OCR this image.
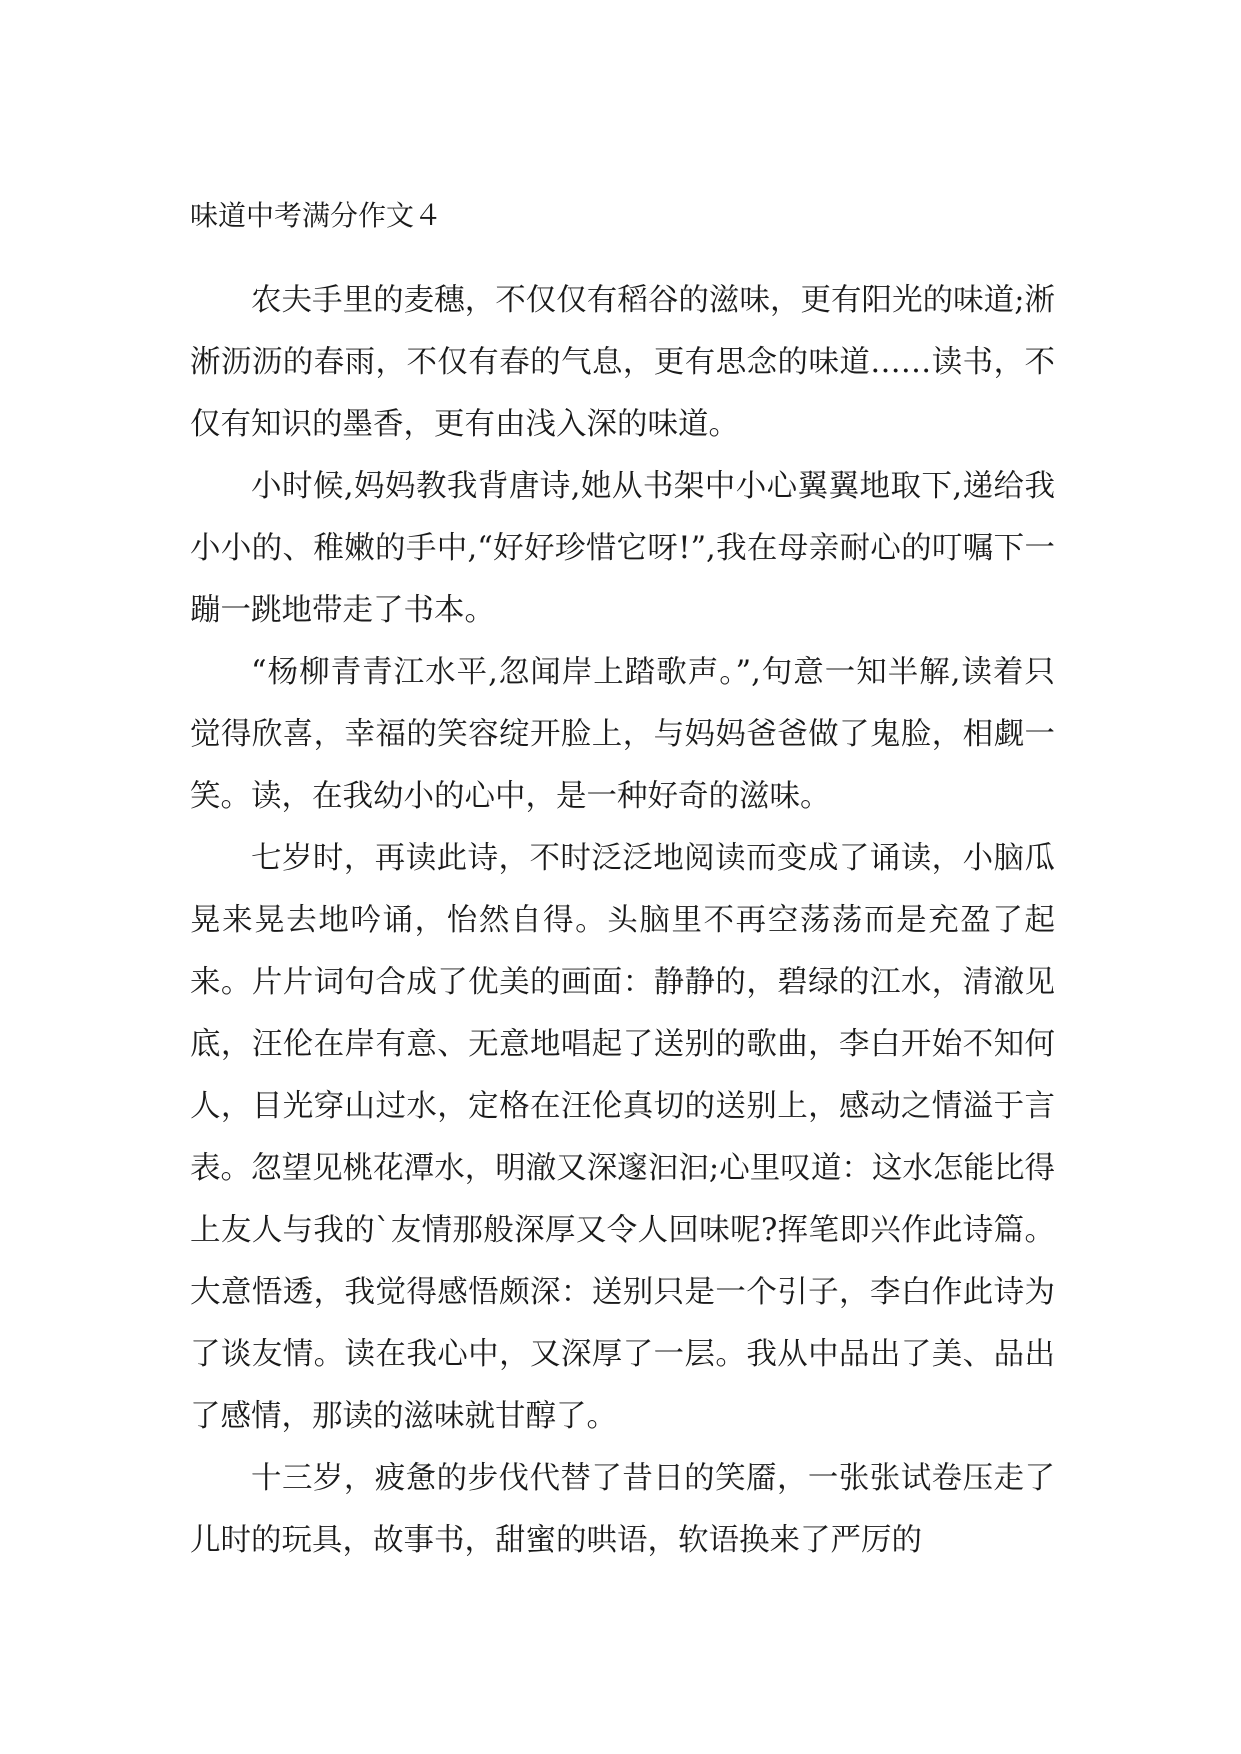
味道中考满分作文４

农夫手里的麦穗，不仅仅有稻谷的滋味，更有阳光的味道;淅淅沥沥的春雨，不仅有春的气息，更有思念的味道……读书，不仅有知识的墨香，更有由浅入深的味道。

小时候,妈妈教我背唐诗,她从书架中小心翼翼地取下,递给我小小的、稚嫩的手中,“好好珍惜它呀!”,我在母亲耐心的叮嘱下一蹦一跳地带走了书本。

“杨柳青青江水平,忽闻岸上踏歌声。”,句意一知半解,读着只觉得欣喜，幸福的笑容绽开脸上，与妈妈爸爸做了鬼脸，相觑一笑。读，在我幼小的心中，是一种好奇的滋味。

七岁时，再读此诗，不时泛泛地阅读而变成了诵读，小脑瓜晃来晃去地吟诵，怡然自得。头脑里不再空荡荡而是充盈了起来。片片词句合成了优美的画面：静静的，碧绿的江水，清澈见底，汪伦在岸有意、无意地唱起了送别的歌曲，李白开始不知何人，目光穿山过水，定格在汪伦真切的送别上，感动之情溢于言表。忽望见桃花潭水，明澈又深邃汩汩;心里叹道：这水怎能比得上友人与我的`友情那般深厚又令人回味呢?挥笔即兴作此诗篇。大意悟透，我觉得感悟颇深：送别只是一个引子，李白作此诗为了谈友情。读在我心中，又深厚了一层。我从中品出了美、品出了感情，那读的滋味就甘醇了。

十三岁，疲惫的步伐代替了昔日的笑靥，一张张试卷压走了儿时的玩具，故事书，甜蜜的哄语，软语换来了严厉的
